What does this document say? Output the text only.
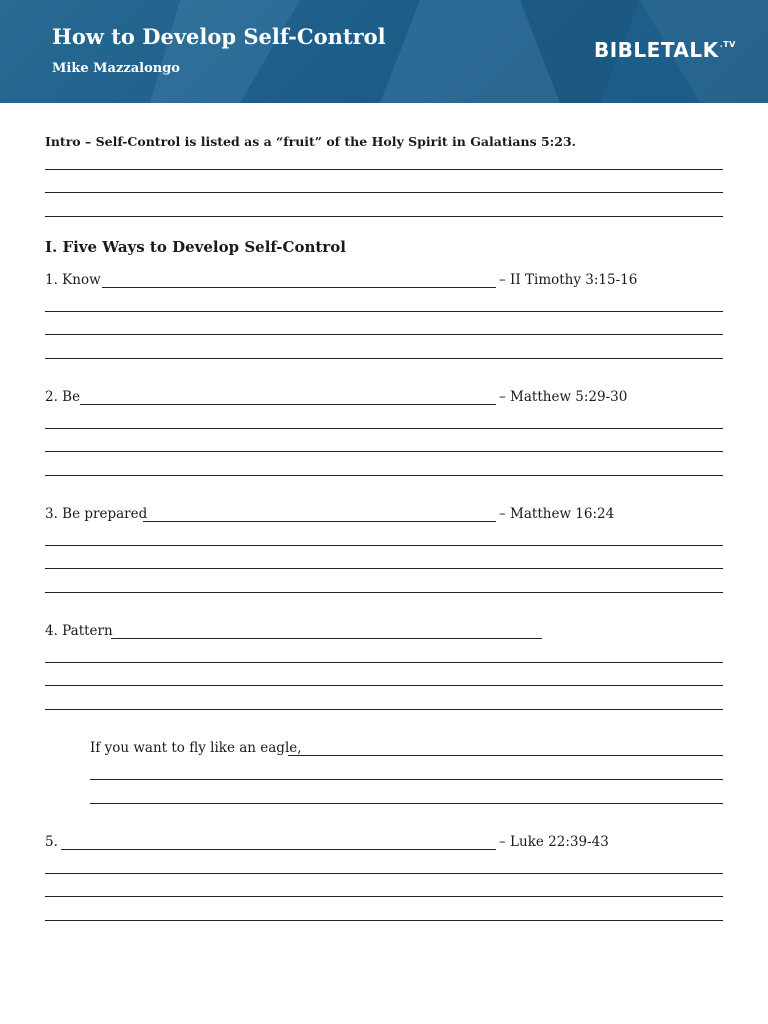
How to Develop Self-Control
Mike Mazzalongo
$BIBLETALK^{.TV}$
Intro – Self-Control is listed as a “fruit” of the Holy Spirit in Galatians 5:23.
I. Five Ways to Develop Self-Control
1. Know	– II Timothy 3:15-16
2. Be	– Matthew 5:29-30
3. Be prepared	– Matthew 16:24
4. Pattern
If you want to fly like an eagle,
5.	– Luke 22:39-43
